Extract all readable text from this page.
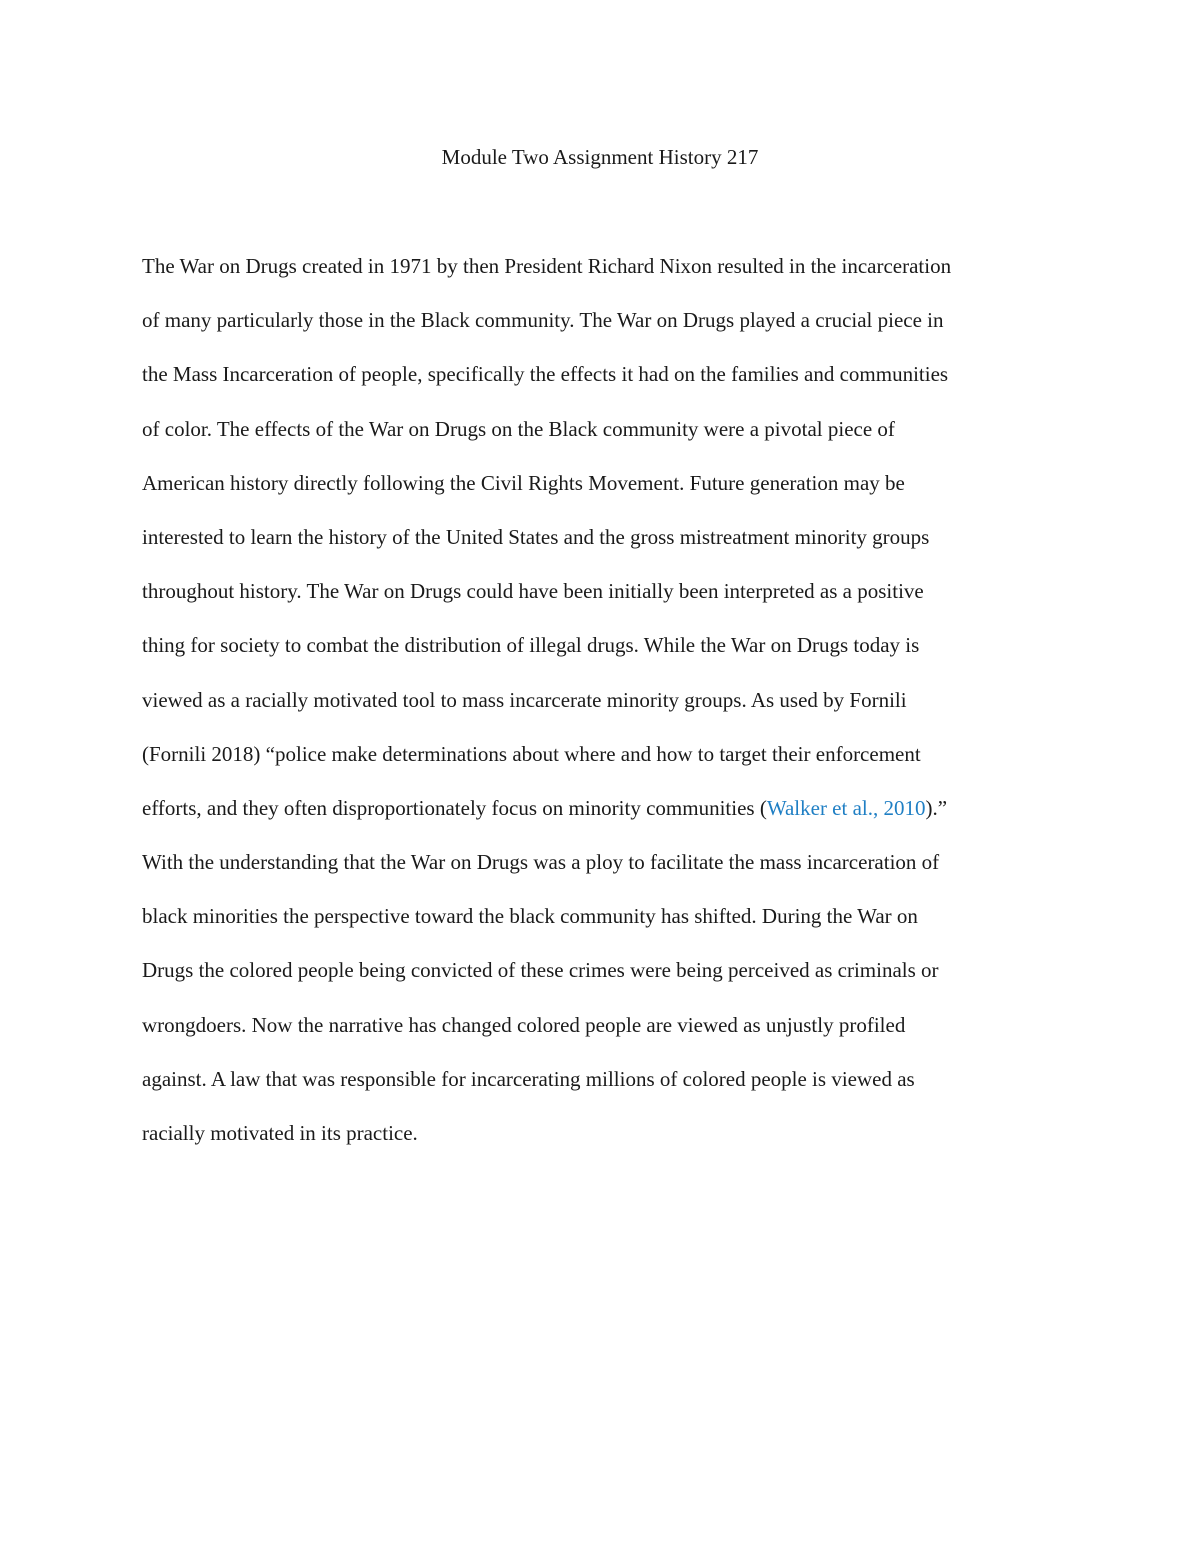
Module Two Assignment History 217
The War on Drugs created in 1971 by then President Richard Nixon resulted in the incarceration
of many particularly those in the Black community. The War on Drugs played a crucial piece in
the Mass Incarceration of people, specifically the effects it had on the families and communities
of color. The effects of the War on Drugs on the Black community were a pivotal piece of
American history directly following the Civil Rights Movement. Future generation may be
interested to learn the history of the United States and the gross mistreatment minority groups
throughout history. The War on Drugs could have been initially been interpreted as a positive
thing for society to combat the distribution of illegal drugs. While the War on Drugs today is
viewed as a racially motivated tool to mass incarcerate minority groups. As used by Fornili
(Fornili 2018) “police make determinations about where and how to target their enforcement
efforts, and they often disproportionately focus on minority communities (Walker et al., 2010).”
With the understanding that the War on Drugs was a ploy to facilitate the mass incarceration of
black minorities the perspective toward the black community has shifted. During the War on
Drugs the colored people being convicted of these crimes were being perceived as criminals or
wrongdoers. Now the narrative has changed colored people are viewed as unjustly profiled
against. A law that was responsible for incarcerating millions of colored people is viewed as
racially motivated in its practice.
